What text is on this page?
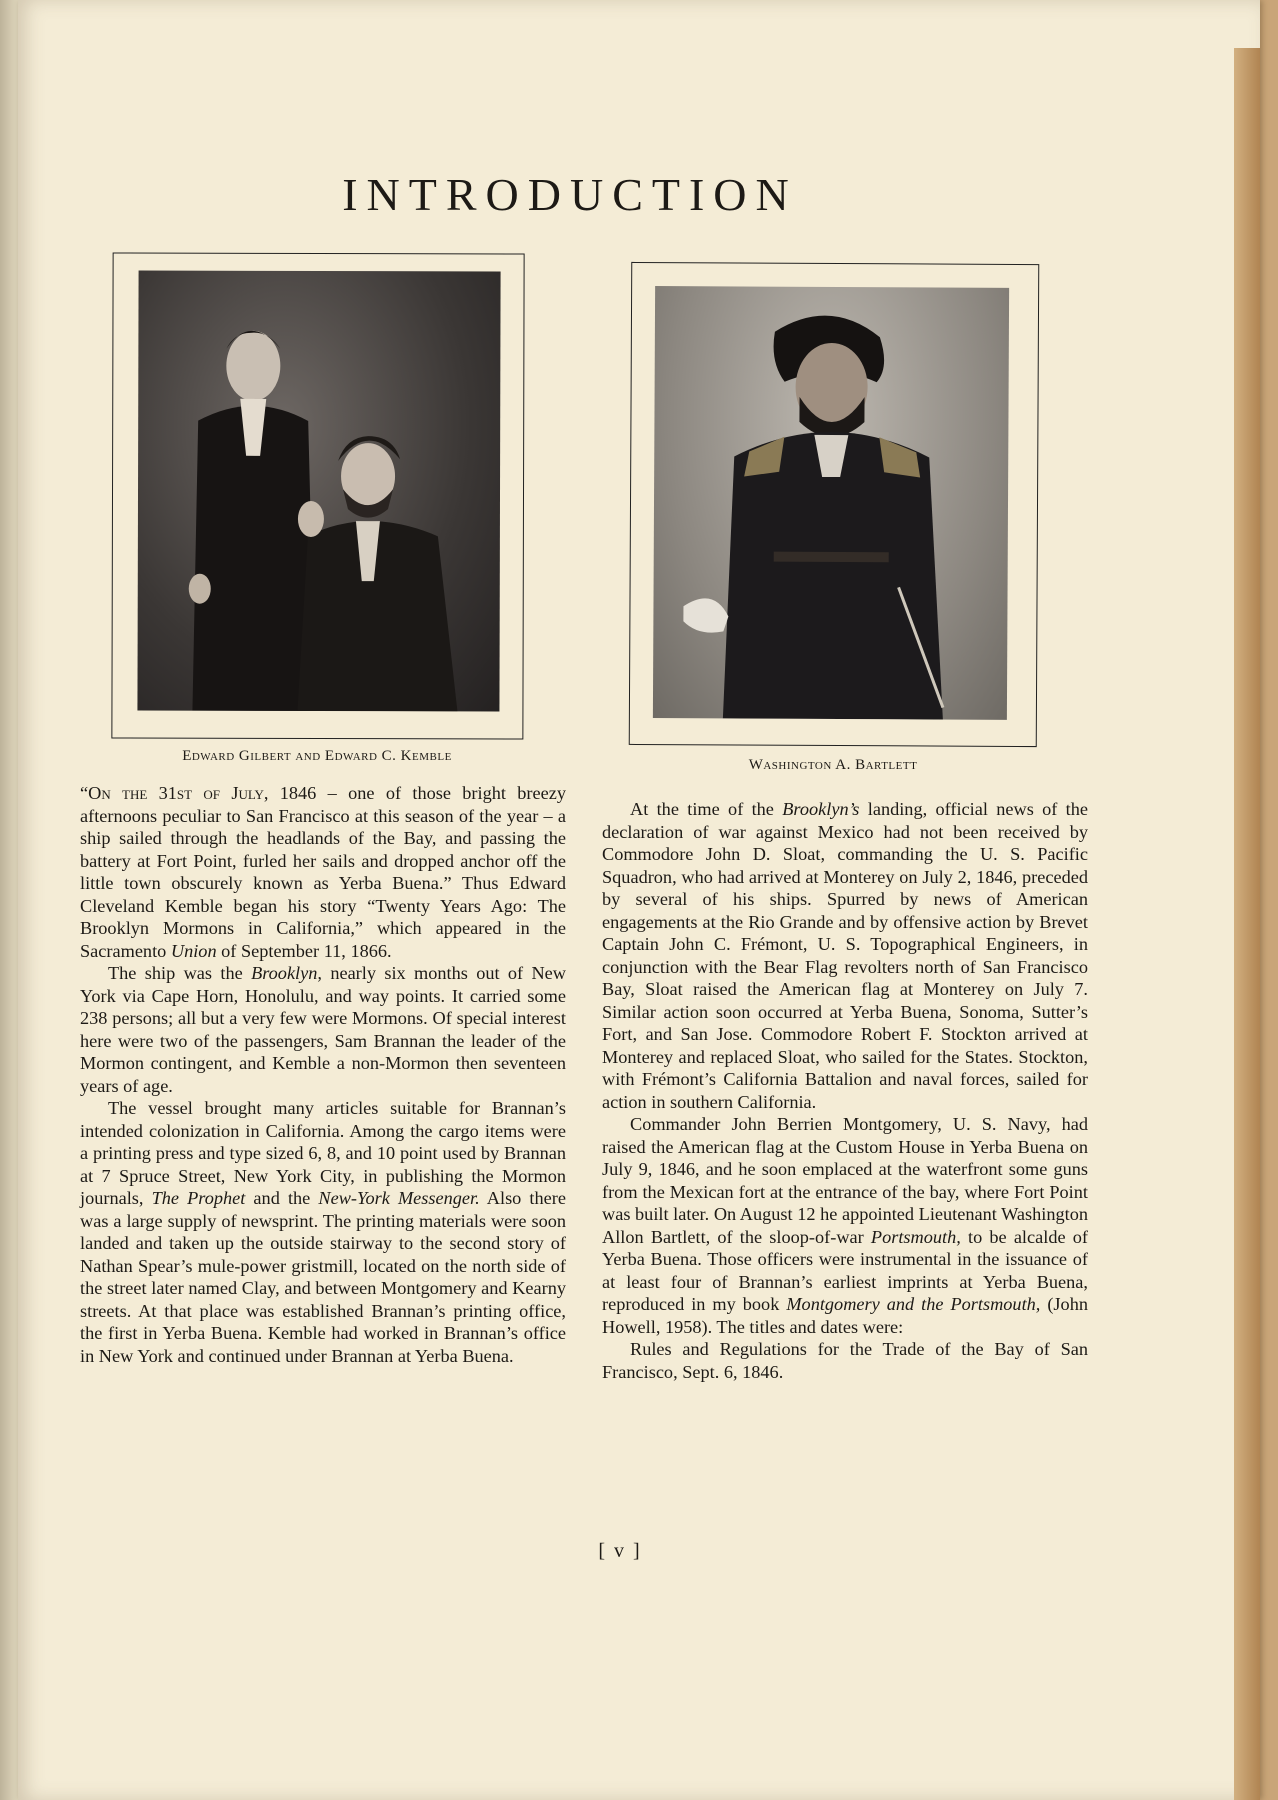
INTRODUCTION
Edward Gilbert and Edward C. Kemble
Washington A. Bartlett

“On the 31st of July, 1846 – one of those bright breezy afternoons peculiar to San Francisco at this season of the year – a ship sailed through the headlands of the Bay, and passing the battery at Fort Point, furled her sails and dropped anchor off the little town obscurely known as Yerba Buena.” Thus Edward Cleveland Kemble began his story “Twenty Years Ago: The Brooklyn Mormons in California,” which appeared in the Sacramento Union of September 11, 1866.

The ship was the Brooklyn, nearly six months out of New York via Cape Horn, Honolulu, and way points. It carried some 238 persons; all but a very few were Mormons. Of special interest here were two of the passengers, Sam Brannan the leader of the Mormon contingent, and Kemble a non-Mormon then seventeen years of age.

The vessel brought many articles suitable for Brannan’s intended colonization in California. Among the cargo items were a printing press and type sized 6, 8, and 10 point used by Brannan at 7 Spruce Street, New York City, in publishing the Mormon journals, The Prophet and the New-York Messenger. Also there was a large supply of newsprint. The printing materials were soon landed and taken up the outside stairway to the second story of Nathan Spear’s mule-power gristmill, located on the north side of the street later named Clay, and between Montgomery and Kearny streets. At that place was established Brannan’s printing office, the first in Yerba Buena. Kemble had worked in Brannan’s office in New York and continued under Brannan at Yerba Buena.

At the time of the Brooklyn’s landing, official news of the declaration of war against Mexico had not been received by Commodore John D. Sloat, commanding the U. S. Pacific Squadron, who had arrived at Monterey on July 2, 1846, preceded by several of his ships. Spurred by news of American engagements at the Rio Grande and by offensive action by Brevet Captain John C. Frémont, U. S. Topographical Engineers, in conjunction with the Bear Flag revolters north of San Francisco Bay, Sloat raised the American flag at Monterey on July 7. Similar action soon occurred at Yerba Buena, Sonoma, Sutter’s Fort, and San Jose. Commodore Robert F. Stockton arrived at Monterey and replaced Sloat, who sailed for the States. Stockton, with Frémont’s California Battalion and naval forces, sailed for action in southern California.

Commander John Berrien Montgomery, U. S. Navy, had raised the American flag at the Custom House in Yerba Buena on July 9, 1846, and he soon emplaced at the waterfront some guns from the Mexican fort at the entrance of the bay, where Fort Point was built later. On August 12 he appointed Lieutenant Washington Allon Bartlett, of the sloop-of-war Portsmouth, to be alcalde of Yerba Buena. Those officers were instrumental in the issuance of at least four of Brannan’s earliest imprints at Yerba Buena, reproduced in my book Montgomery and the Portsmouth, (John Howell, 1958). The titles and dates were:

Rules and Regulations for the Trade of the Bay of San Francisco, Sept. 6, 1846.

[ v ]
